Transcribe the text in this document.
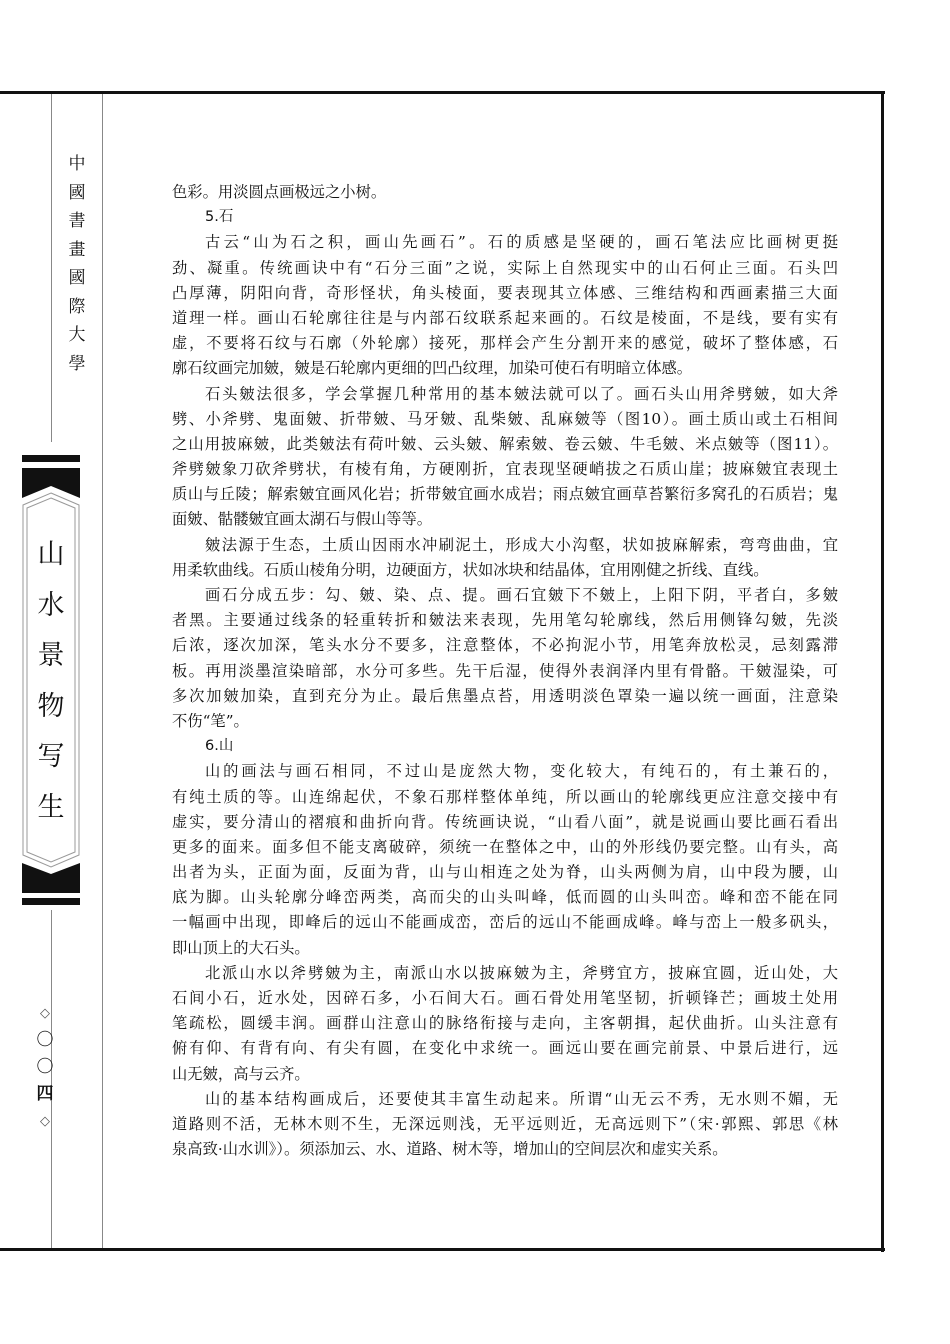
中
國
書
畫
國
際
大
學
山
水
景
物
写
生
◇
〇
〇
四
◇
色彩。用淡圆点画极远之小树。
5.石
古云“山为石之积，画山先画石”。石的质感是坚硬的，画石笔法应比画树更挺
劲、凝重。传统画诀中有“石分三面”之说，实际上自然现实中的山石何止三面。石头凹
凸厚薄，阴阳向背，奇形怪状，角头棱面，要表现其立体感、三维结构和西画素描三大面
道理一样。画山石轮廓往往是与内部石纹联系起来画的。石纹是棱面，不是线，要有实有
虚，不要将石纹与石廓（外轮廓）接死，那样会产生分割开来的感觉，破坏了整体感，石
廓石纹画完加皴，皴是石轮廓内更细的凹凸纹理，加染可使石有明暗立体感。
石头皴法很多，学会掌握几种常用的基本皴法就可以了。画石头山用斧劈皴，如大斧
劈、小斧劈、鬼面皴、折带皴、马牙皴、乱柴皴、乱麻皴等（图10）。画土质山或土石相间
之山用披麻皴，此类皴法有荷叶皴、云头皴、解索皴、卷云皴、牛毛皴、米点皴等（图11）。
斧劈皴象刀砍斧劈状，有棱有角，方硬刚折，宜表现坚硬峭拔之石质山崖；披麻皴宜表现土
质山与丘陵；解索皴宜画风化岩；折带皴宜画水成岩；雨点皴宜画草苔繁衍多窝孔的石质岩；鬼
面皴、骷髅皴宜画太湖石与假山等等。
皴法源于生态，土质山因雨水冲刷泥土，形成大小沟壑，状如披麻解索，弯弯曲曲，宜
用柔软曲线。石质山棱角分明，边硬面方，状如冰块和结晶体，宜用刚健之折线、直线。
画石分成五步：勾、皴、染、点、提。画石宜皴下不皴上，上阳下阴，平者白，多皴
者黑。主要通过线条的轻重转折和皴法来表现，先用笔勾轮廓线，然后用侧锋勾皴，先淡
后浓，逐次加深，笔头水分不要多，注意整体，不必拘泥小节，用笔奔放松灵，忌刻露滞
板。再用淡墨渲染暗部，水分可多些。先干后湿，使得外表润泽内里有骨骼。干皴湿染，可
多次加皴加染，直到充分为止。最后焦墨点苔，用透明淡色罩染一遍以统一画面，注意染
不伤“笔”。
6.山
山的画法与画石相同，不过山是庞然大物，变化较大，有纯石的，有土兼石的，
有纯土质的等。山连绵起伏，不象石那样整体单纯，所以画山的轮廓线更应注意交接中有
虚实，要分清山的褶痕和曲折向背。传统画诀说，“山看八面”，就是说画山要比画石看出
更多的面来。面多但不能支离破碎，须统一在整体之中，山的外形线仍要完整。山有头，高
出者为头，正面为面，反面为背，山与山相连之处为脊，山头两侧为肩，山中段为腰，山
底为脚。山头轮廓分峰峦两类，高而尖的山头叫峰，低而圆的山头叫峦。峰和峦不能在同
一幅画中出现，即峰后的远山不能画成峦，峦后的远山不能画成峰。峰与峦上一般多矾头，
即山顶上的大石头。
北派山水以斧劈皴为主，南派山水以披麻皴为主，斧劈宜方，披麻宜圆，近山处，大
石间小石，近水处，因碎石多，小石间大石。画石骨处用笔坚韧，折顿锋芒；画坡土处用
笔疏松，圆缓丰润。画群山注意山的脉络衔接与走向，主客朝揖，起伏曲折。山头注意有
俯有仰、有背有向、有尖有圆，在变化中求统一。画远山要在画完前景、中景后进行，远
山无皴，高与云齐。
山的基本结构画成后，还要使其丰富生动起来。所谓“山无云不秀，无水则不媚，无
道路则不活，无林木则不生，无深远则浅，无平远则近，无高远则下”（宋·郭熙、郭思《林
泉高致·山水训》）。须添加云、水、道路、树木等，增加山的空间层次和虚实关系。
